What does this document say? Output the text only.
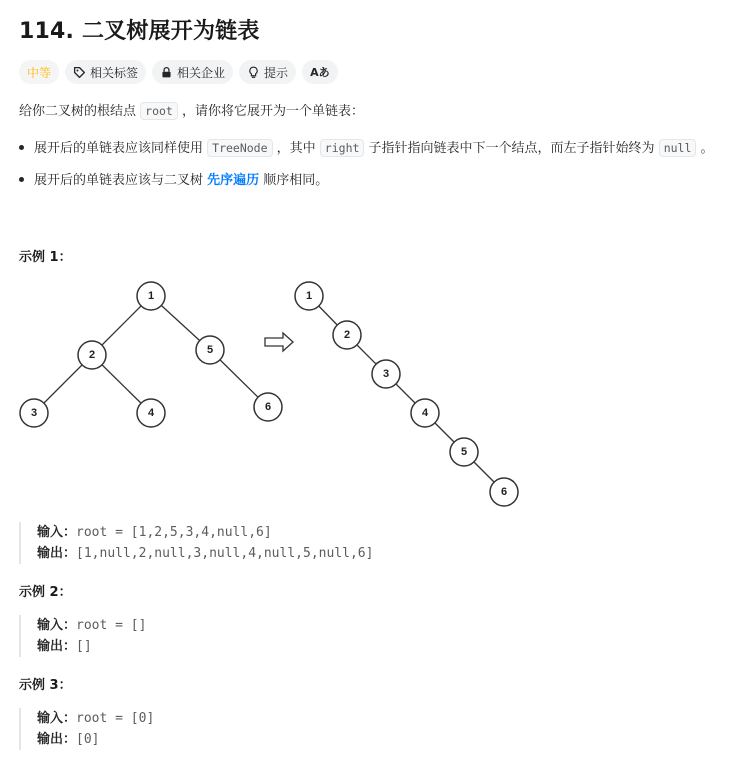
114. 二叉树展开为链表
中等	相关标签	相关企业	提示 Aあ
给你二叉树的根结点 root ，请你将它展开为一个单链表：
展开后的单链表应该同样使用 TreeNode ，其中 right 子指针指向链表中下一个结点，而左子指针始终为 null 。
展开后的单链表应该与二叉树 先序遍历 顺序相同。
示例 1：
1
2	5
3	4	6
1
2
3
4
5
6
输入：root = [1,2,5,3,4,null,6]
输出：[1,null,2,null,3,null,4,null,5,null,6]
示例 2：
输入：root = []
输出：[]
示例 3：
输入：root = [0]
输出：[0]
